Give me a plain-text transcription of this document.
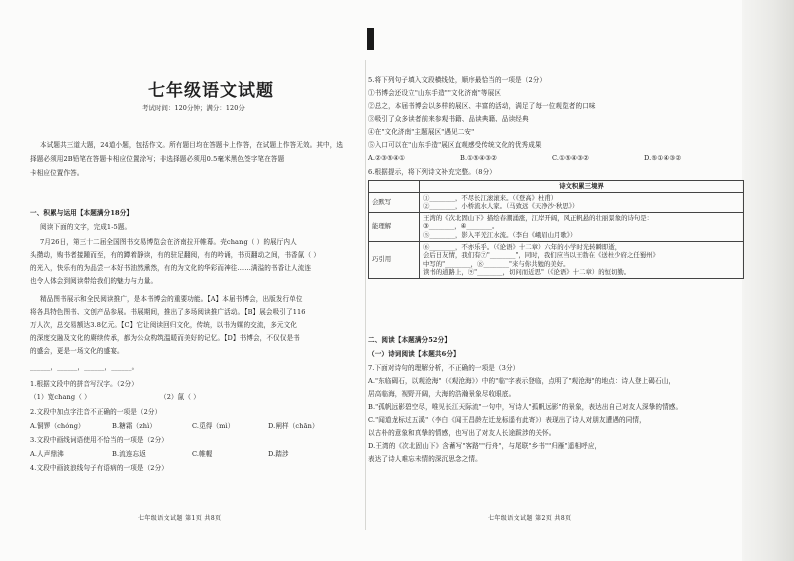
七年级语文试题
考试时间：120分钟；满分：120分
本试题共三道大题，24道小题，包括作文。所有题目均在答题卡上作答，在试题上作答无效。其中，选
择题必须用2B铅笔在答题卡相应位置涂写；非选择题必须用0.5毫米黑色签字笔在答题
卡相应位置作答。
一、积累与运用【本题满分18分】
阅读下面的文字，完成1-5题。
7月26日，第三十二届全国图书交易博览会在济南拉开帷幕。壳chang（ ）的展厅内人
头攒动，购书者接踵而至，有的蹲着静读，有的驻足翻阅，有的吟诵，书页翻动之间，书香氤（ ）
的光入，快乐有的为品尝一本好书油然熏然，有的为文化的华彩而神往……满溢的书香让人流连
也令人体会到阅读带给我们的魅力与力量。
精品图书展示和全民阅读推广，是本书博会的重要功能。【A】本届书博会，出版发行单位
将各具特色图书、文创产品参展。书展期间，推出了多场阅读推广活动。【B】展会吸引了116
万人次，总交易额达3.8亿元。【C】它让阅读回归文化，传统，以书为媒的交流，多元文化
的深度交融及文化的赓续传承，都为公众构筑温暖而美好的记忆。【D】书博会，不仅仅是书
的盛会，更是一场文化的盛宴。
______，______，______，______。
1.根据文段中的拼音写汉字。（2分）
（1）宽chang（ ）	（2）氤（ ）
2.文段中加点字注音不正确的一项是（2分）
A.铜锣（chóng）	B.糖霜（zhì）	C.觅得（mì）	D.闸样（chān）
3.文段中画线词语使用不恰当的一项是（2分）
A.人声鼎沸	B.流连忘返	C.帷幄	D.踏涉
4.文段中画波浪线句子有语病的一项是（2分）
七年级语文试题 第1页 共8页
5.将下列句子填入文段横线处，顺序最恰当的一项是（2分）
①书博会还设立"山东手造""文化济南"等展区
②总之，本届书博会以多样的展区、丰富的活动，满足了每一位观览者的口味
③吸引了众多读者前来参观书籍、品读典籍、品读经典
④在"文化济南"主题展区"遇见二安"
⑤入口可以在"山东手造"展区直观感受传统文化的优秀成果
A.②③⑤④①	B.①⑤④③②	C.①⑤④③②	D.⑤①④③②
6.根据提示，将下列诗文补充完整。（8分）
	诗文积累三境界
会默写	①________，不尽长江滚滚来。（《登高》杜甫）
②________，小桥流水人家。（马致远《天净沙·秋思》）

能理解	王湾的《次北固山下》描绘春潮涌涨，江岸开阔，风正帆悬的壮丽景象的诗句是：
③________，④________。
⑤________，影入平羌江水流。（李白《峨眉山月歌》）

巧引用	⑥________，不亦乐乎。（《论语》十二章）六年的小学时光转瞬即逝，
会后日友情，我们有⑦"________"，同时，我们应当以王勃在《送杜少府之任蜀州》
中写的"________，⑧________"来与你共勉的美好。
读书的道路上，⑨"________，切问而近思"（《论语》十二章）的恒切勤。
二、阅读【本题满分52分】
（一）诗词阅读【本题共6分】
7.下面对诗句的理解分析，不正确的一项是（3分）
A."东临碣石，以观沧海"（《观沧海》）中的"临"字表示登临，点明了"观沧海"的地点：诗人登上碣石山，
居高临海，视野开阔，大海的浩瀚景象尽收眼底。
B."孤帆远影碧空尽，唯见长江天际流"一句中，写诗人"孤帆远影"的景象，表达出自己对友人深挚的情感。
C."闻道龙标过五溪"（李白《闻王昌龄左迁龙标遥有此寄》）表现出了诗人对朋友遭遇的同情，
以古朴的意象和真挚的情感，也写出了对友人长途跋涉的关怀。
D.王湾的《次北固山下》含蓄写"客路""行舟"，与尾联"乡书""归雁"遥相呼应，
表达了诗人难忘未情的深沉思念之情。
七年级语文试题 第2页 共8页
